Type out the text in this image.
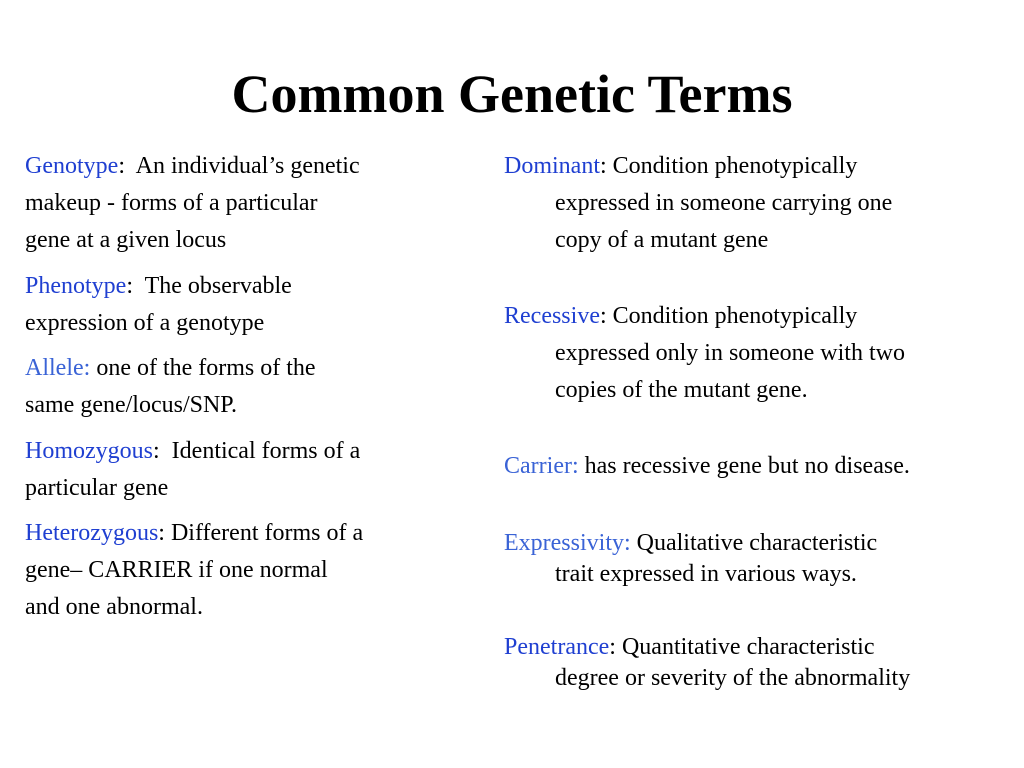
Common Genetic Terms

Genotype:  An individual’s genetic
makeup - forms of a particular
gene at a given locus

Phenotype:  The observable
expression of a genotype

Allele: one of the forms of the
same gene/locus/SNP.

Homozygous:  Identical forms of a
particular gene

Heterozygous: Different forms of a
gene– CARRIER if one normal
and one abnormal.

Dominant: Condition phenotypically
expressed in someone carrying one
copy of a mutant gene

Recessive: Condition phenotypically
expressed only in someone with two
copies of the mutant gene.

Carrier: has recessive gene but no disease.

Expressivity: Qualitative characteristic
trait expressed in various ways.

Penetrance: Quantitative characteristic
degree or severity of the abnormality
